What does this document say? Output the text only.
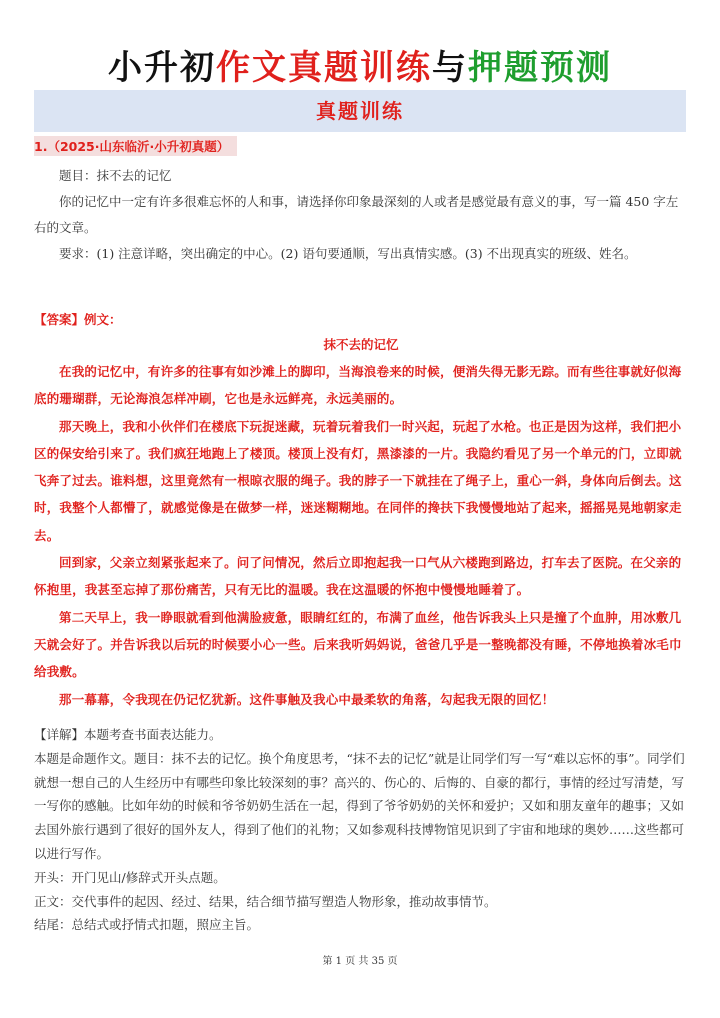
小升初作文真题训练与押题预测
真题训练
1.（2025·山东临沂·小升初真题）

题目：抹不去的记忆

你的记忆中一定有许多很难忘怀的人和事，请选择你印象最深刻的人或者是感觉最有意义的事，写一篇 450 字左右的文章。

要求：(1) 注意详略，突出确定的中心。(2) 语句要通顺，写出真情实感。(3) 不出现真实的班级、姓名。

【答案】例文：
抹不去的记忆

在我的记忆中，有许多的往事有如沙滩上的脚印，当海浪卷来的时候，便消失得无影无踪。而有些往事就好似海底的珊瑚群，无论海浪怎样冲刷，它也是永远鲜亮，永远美丽的。

那天晚上，我和小伙伴们在楼底下玩捉迷藏，玩着玩着我们一时兴起，玩起了水枪。也正是因为这样，我们把小区的保安给引来了。我们疯狂地跑上了楼顶。楼顶上没有灯，黑漆漆的一片。我隐约看见了另一个单元的门，立即就飞奔了过去。谁料想，这里竟然有一根晾衣服的绳子。我的脖子一下就挂在了绳子上，重心一斜，身体向后倒去。这时，我整个人都懵了，就感觉像是在做梦一样，迷迷糊糊地。在同伴的搀扶下我慢慢地站了起来，摇摇晃晃地朝家走去。

回到家，父亲立刻紧张起来了。问了问情况，然后立即抱起我一口气从六楼跑到路边，打车去了医院。在父亲的怀抱里，我甚至忘掉了那份痛苦，只有无比的温暖。我在这温暖的怀抱中慢慢地睡着了。

第二天早上，我一睁眼就看到他满脸疲惫，眼睛红红的，布满了血丝，他告诉我头上只是撞了个血肿，用冰敷几天就会好了。并告诉我以后玩的时候要小心一些。后来我听妈妈说，爸爸几乎是一整晚都没有睡，不停地换着冰毛巾给我敷。

那一幕幕，令我现在仍记忆犹新。这件事触及我心中最柔软的角落，勾起我无限的回忆！

【详解】本题考查书面表达能力。

本题是命题作文。题目：抹不去的记忆。换个角度思考，“抹不去的记忆”就是让同学们写一写“难以忘怀的事”。同学们就想一想自己的人生经历中有哪些印象比较深刻的事？高兴的、伤心的、后悔的、自豪的都行，事情的经过写清楚，写一写你的感触。比如年幼的时候和爷爷奶奶生活在一起，得到了爷爷奶奶的关怀和爱护；又如和朋友童年的趣事；又如去国外旅行遇到了很好的国外友人，得到了他们的礼物；又如参观科技博物馆见识到了宇宙和地球的奥妙……这些都可以进行写作。

开头：开门见山/修辞式开头点题。

正文：交代事件的起因、经过、结果，结合细节描写塑造人物形象，推动故事情节。

结尾：总结式或抒情式扣题，照应主旨。

第 1 页 共 35 页
